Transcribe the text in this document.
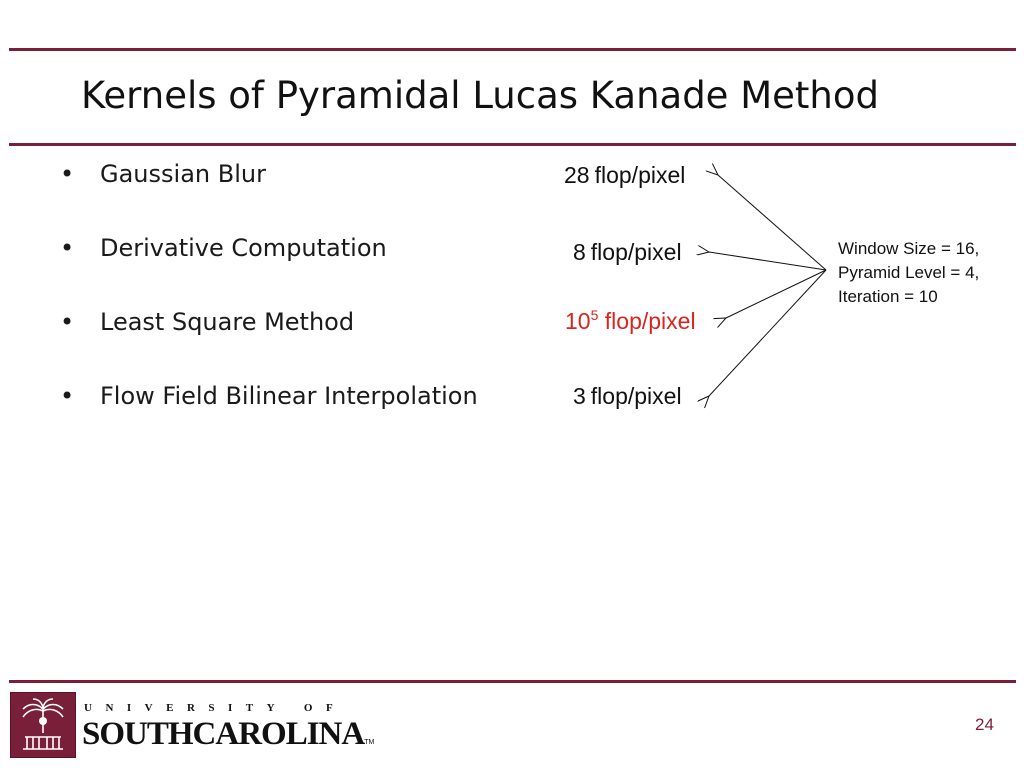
Kernels of Pyramidal Lucas Kanade Method
• Gaussian Blur
• Derivative Computation
• Least Square Method
• Flow Field Bilinear Interpolation
28 flop/pixel
8 flop/pixel
$10^5$ flop/pixel
3 flop/pixel
Window Size = 16,
Pyramid Level = 4,
Iteration = 10
UNIVERSITY OF
SOUTHCAROLINATM
24
